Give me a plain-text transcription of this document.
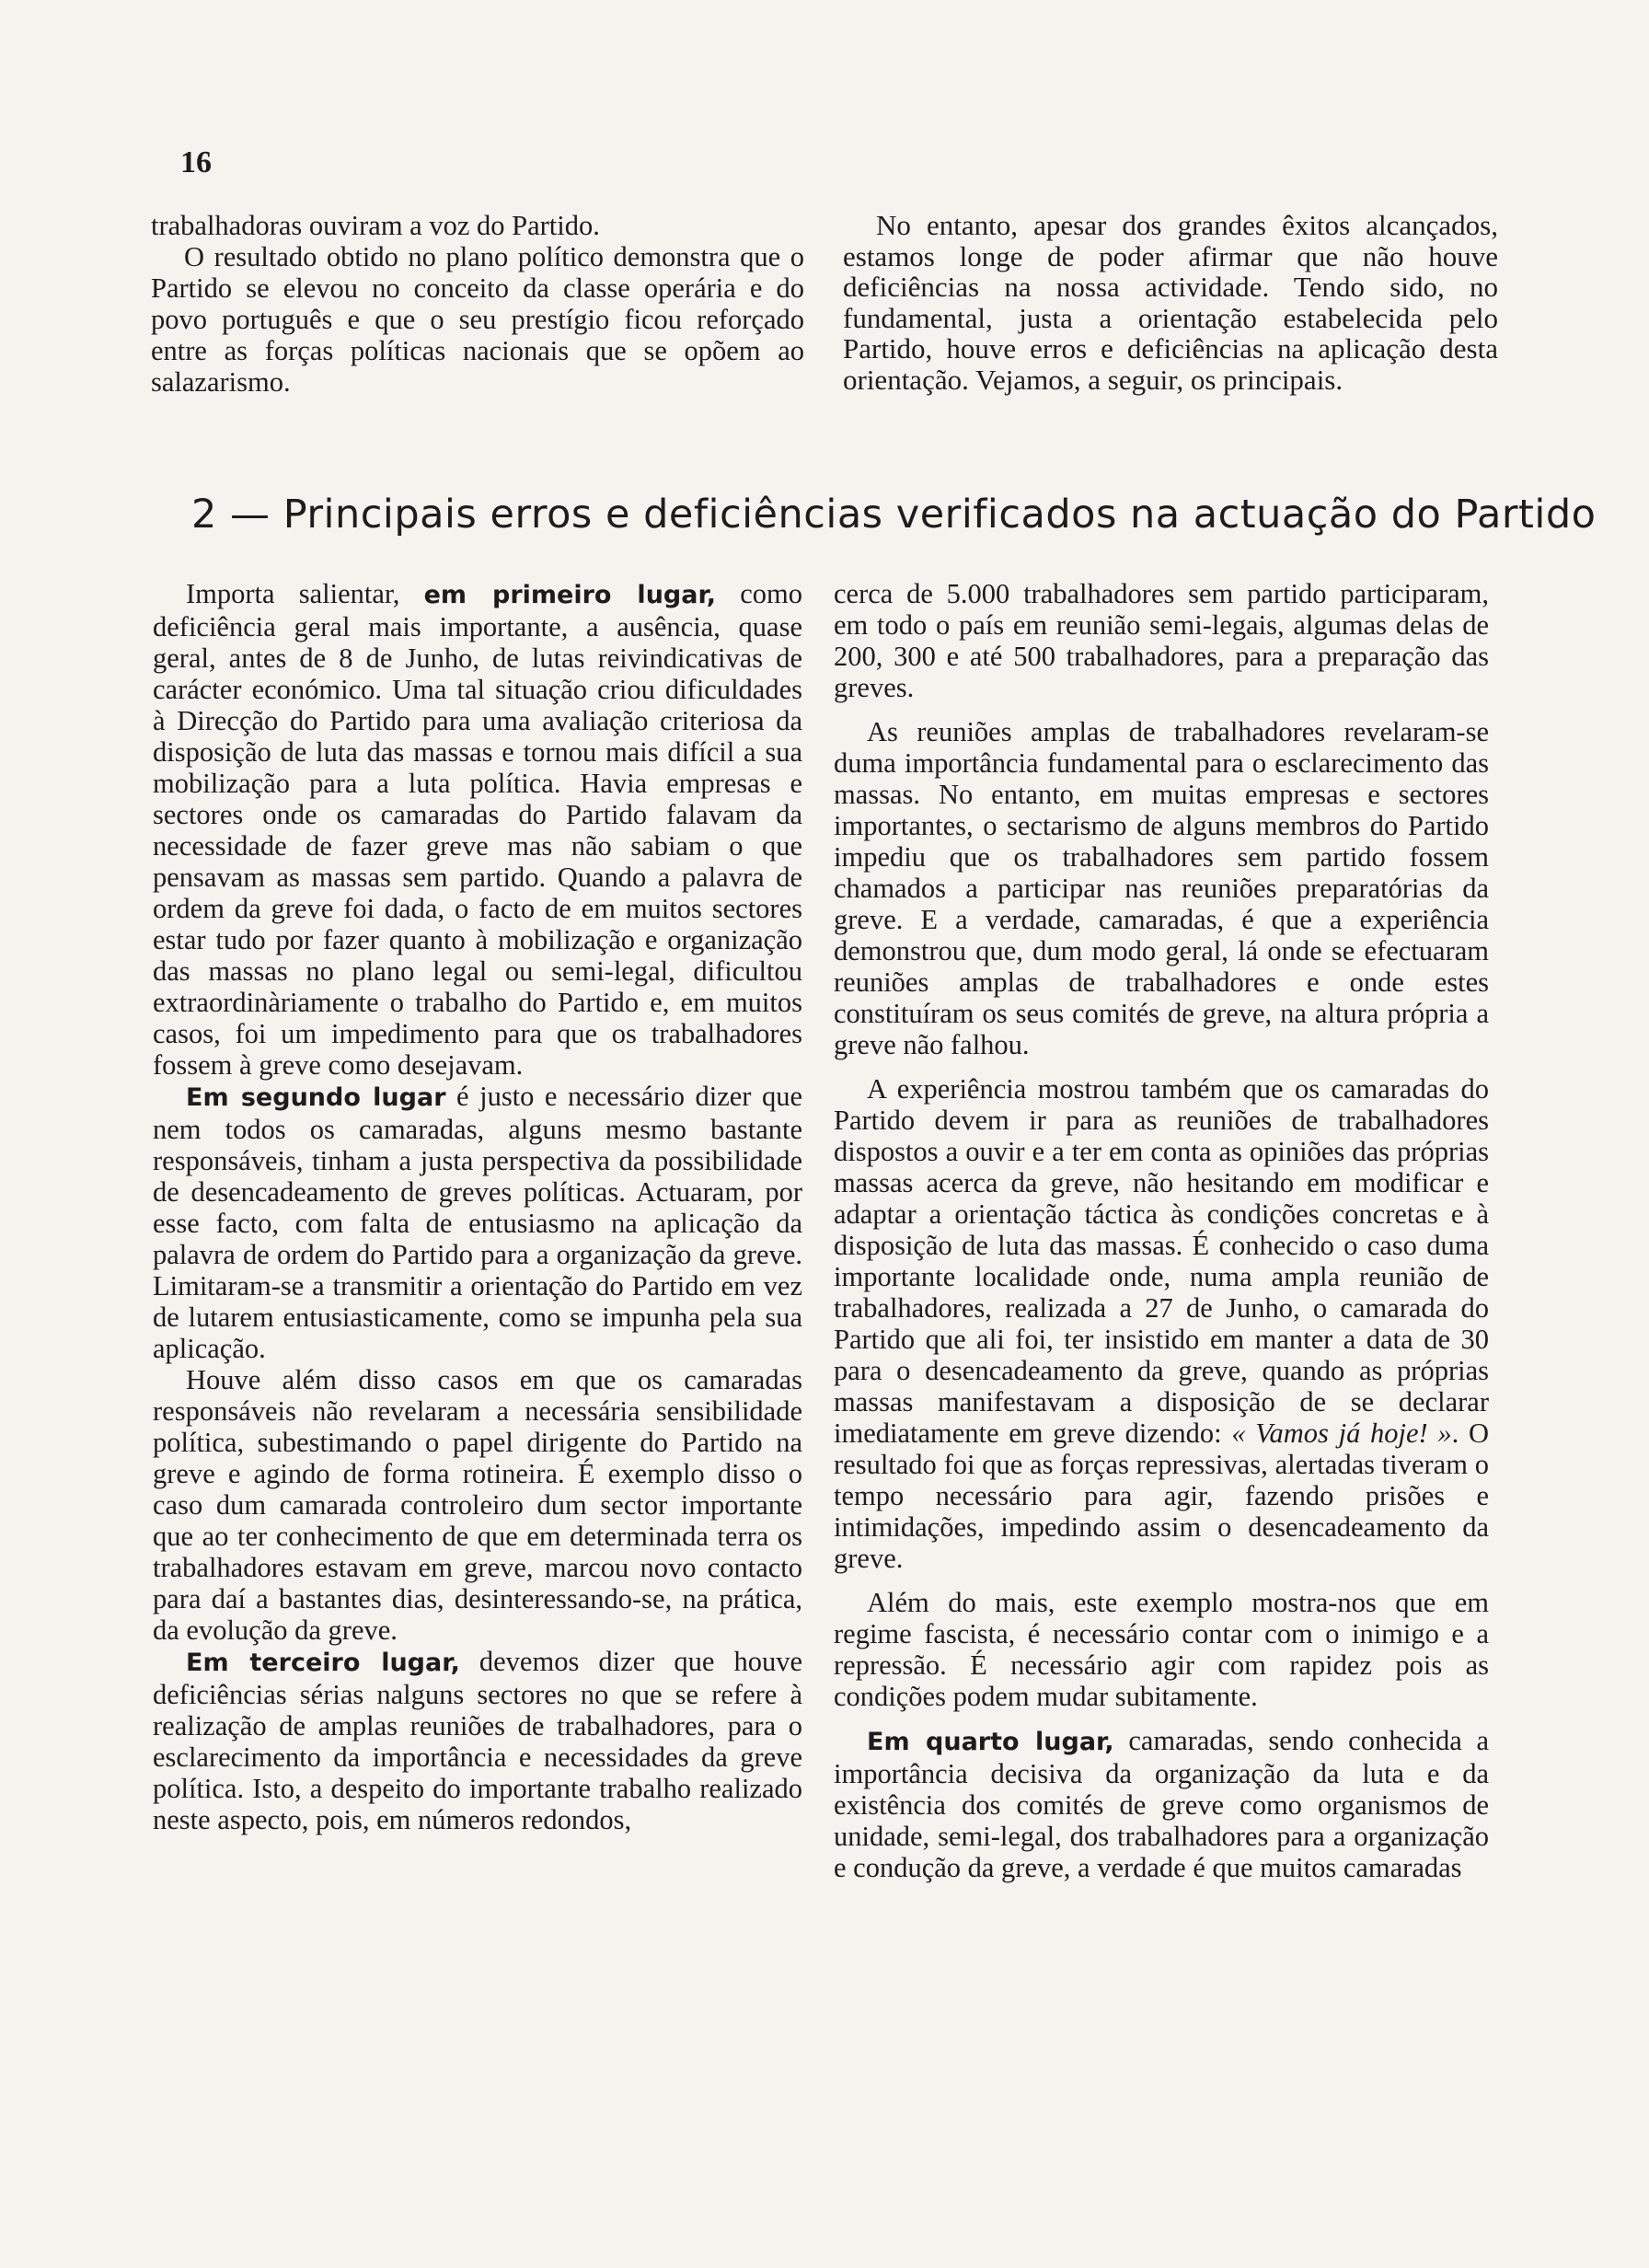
16

trabalhadoras ouviram a voz do Partido.

O resultado obtido no plano político demonstra que o Partido se elevou no conceito da classe operária e do povo português e que o seu prestígio ficou reforçado entre as forças políticas nacionais que se opõem ao salazarismo.

No entanto, apesar dos grandes êxitos alcançados, estamos longe de poder afirmar que não houve deficiências na nossa actividade. Tendo sido, no fundamental, justa a orientação estabelecida pelo Partido, houve erros e deficiências na aplicação desta orientação. Vejamos, a seguir, os principais.

2 — Principais erros e deficiências verificados na actuação do Partido

Importa salientar, em primeiro lugar, como deficiência geral mais importante, a ausência, quase geral, antes de 8 de Junho, de lutas reivindicativas de carácter económico. Uma tal situação criou dificuldades à Direcção do Partido para uma avaliação criteriosa da disposição de luta das massas e tornou mais difícil a sua mobilização para a luta política. Havia empresas e sectores onde os camaradas do Partido falavam da necessidade de fazer greve mas não sabiam o que pensavam as massas sem partido. Quando a palavra de ordem da greve foi dada, o facto de em muitos sectores estar tudo por fazer quanto à mobilização e organização das massas no plano legal ou semi-legal, dificultou extraordinàriamente o trabalho do Partido e, em muitos casos, foi um impedimento para que os trabalhadores fossem à greve como desejavam.

Em segundo lugar é justo e necessário dizer que nem todos os camaradas, alguns mesmo bastante responsáveis, tinham a justa perspectiva da possibilidade de desencadeamento de greves políticas. Actuaram, por esse facto, com falta de entusiasmo na aplicação da palavra de ordem do Partido para a organização da greve. Limitaram-se a transmitir a orientação do Partido em vez de lutarem entusiasticamente, como se impunha pela sua aplicação.

Houve além disso casos em que os camaradas responsáveis não revelaram a necessária sensibilidade política, subestimando o papel dirigente do Partido na greve e agindo de forma rotineira. É exemplo disso o caso dum camarada controleiro dum sector importante que ao ter conhecimento de que em determinada terra os trabalhadores estavam em greve, marcou novo contacto para daí a bastantes dias, desinteressando-se, na prática, da evolução da greve.

Em terceiro lugar, devemos dizer que houve deficiências sérias nalguns sectores no que se refere à realização de amplas reuniões de trabalhadores, para o esclarecimento da importância e necessidades da greve política. Isto, a despeito do importante trabalho realizado neste aspecto, pois, em números redondos,

cerca de 5.000 trabalhadores sem partido participaram, em todo o país em reunião semi-legais, algumas delas de 200, 300 e até 500 trabalhadores, para a preparação das greves.

As reuniões amplas de trabalhadores revelaram-se duma importância fundamental para o esclarecimento das massas. No entanto, em muitas empresas e sectores importantes, o sectarismo de alguns membros do Partido impediu que os trabalhadores sem partido fossem chamados a participar nas reuniões preparatórias da greve. E a verdade, camaradas, é que a experiência demonstrou que, dum modo geral, lá onde se efectuaram reuniões amplas de trabalhadores e onde estes constituíram os seus comités de greve, na altura própria a greve não falhou.

A experiência mostrou também que os camaradas do Partido devem ir para as reuniões de trabalhadores dispostos a ouvir e a ter em conta as opiniões das próprias massas acerca da greve, não hesitando em modificar e adaptar a orientação táctica às condições concretas e à disposição de luta das massas. É conhecido o caso duma importante localidade onde, numa ampla reunião de trabalhadores, realizada a 27 de Junho, o camarada do Partido que ali foi, ter insistido em manter a data de 30 para o desencadeamento da greve, quando as próprias massas manifestavam a disposição de se declarar imediatamente em greve dizendo: « Vamos já hoje! ». O resultado foi que as forças repressivas, alertadas tiveram o tempo necessário para agir, fazendo prisões e intimidações, impedindo assim o desencadeamento da greve.

Além do mais, este exemplo mostra-nos que em regime fascista, é necessário contar com o inimigo e a repressão. É necessário agir com rapidez pois as condições podem mudar subitamente.

Em quarto lugar, camaradas, sendo conhecida a importância decisiva da organização da luta e da existência dos comités de greve como organismos de unidade, semi-legal, dos trabalhadores para a organização e condução da greve, a verdade é que muitos camaradas
